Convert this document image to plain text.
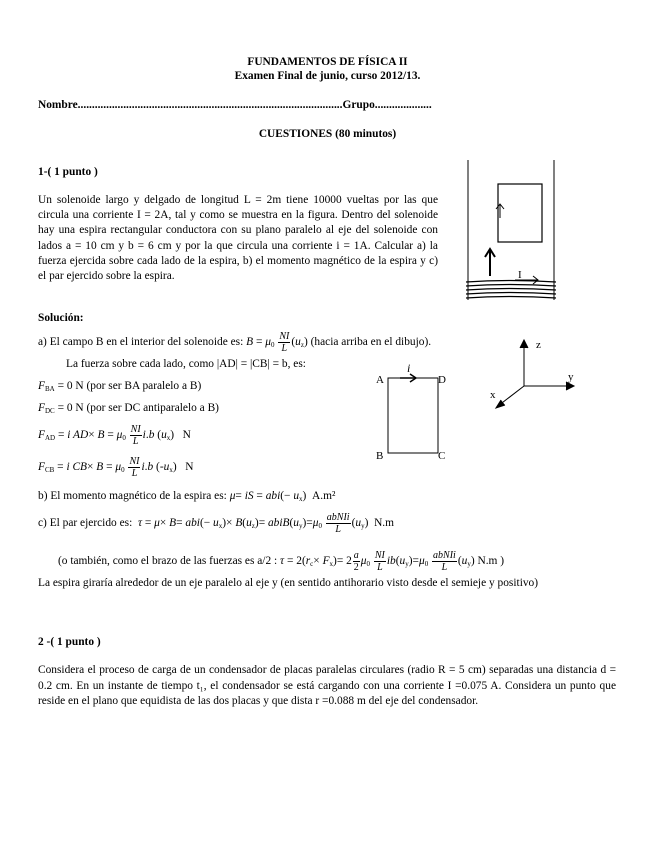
FUNDAMENTOS DE FÍSICA II
Examen Final de junio, curso 2012/13.
Nombre.............................................................................................Grupo....................
CUESTIONES (80 minutos)
1-( 1 punto )
Un solenoide largo y delgado de longitud L = 2m tiene 10000 vueltas por las que circula una corriente I = 2A, tal y como se muestra en la figura. Dentro del solenoide hay una espira rectangular conductora con su plano paralelo al eje del solenoide con lados a = 10 cm y b = 6 cm y por la que circula una corriente i = 1A. Calcular a) la fuerza ejercida sobre cada lado de la espira, b) el momento magnético de la espira y c) el par ejercido sobre la espira.	I
Solución:
a) El campo B en el interior del solenoide es: $B = \mu_0 \frac{NI}{L} (u_z)$ (hacia arriba en el dibujo).
La fuerza sobre cada lado, como |AD| = |CB| = b, es:
$F_{BA} = 0$ N (por ser BA paralelo a B)
$F_{DC} = 0$ N (por ser DC antiparalelo a B)
$F_{AD} = i$ $AD\times B = \mu_0 \frac{NI}{L} i.b$ $(u_x)$   N
$F_{CB} = i$ $CB\times B = \mu_0 \frac{NI}{L} i.b$ $(-u_x)$   N
b) El momento magnético de la espira es: μ= iS = $abi(- u_x)$  A.m²
c) El par ejercido es: $\tau = \mu\times B= abi(- u_x)\times B(u_z)=$ $abiB(u_y)=\mu_0 \frac{\text{abNIi}}{L} (u_y)$  N.m
(o también, como el brazo de las fuerzas es a/2 : $\tau = 2(r_c\times F_x)= 2 \frac{a}{2} \mu_0 \frac{NI}{L} ib(u_y)=\mu_0 \frac{\text{abNIi}}{L} (u_y)$ N.m )
La espira giraría alrededor de un eje paralelo al eje y (en sentido antihorario visto desde el semieje y positivo)
i
A	D
B	C
z
y
x
2 -( 1 punto )
Considera el proceso de carga de un condensador de placas paralelas circulares (radio R = 5 cm) separadas una distancia d = 0.2 cm. En un instante de tiempo t₁, el condensador se está cargando con una corriente I =0.075 A. Considera un punto que reside en el plano que equidista de las dos placas y que dista r =0.088 m del eje del condensador.
